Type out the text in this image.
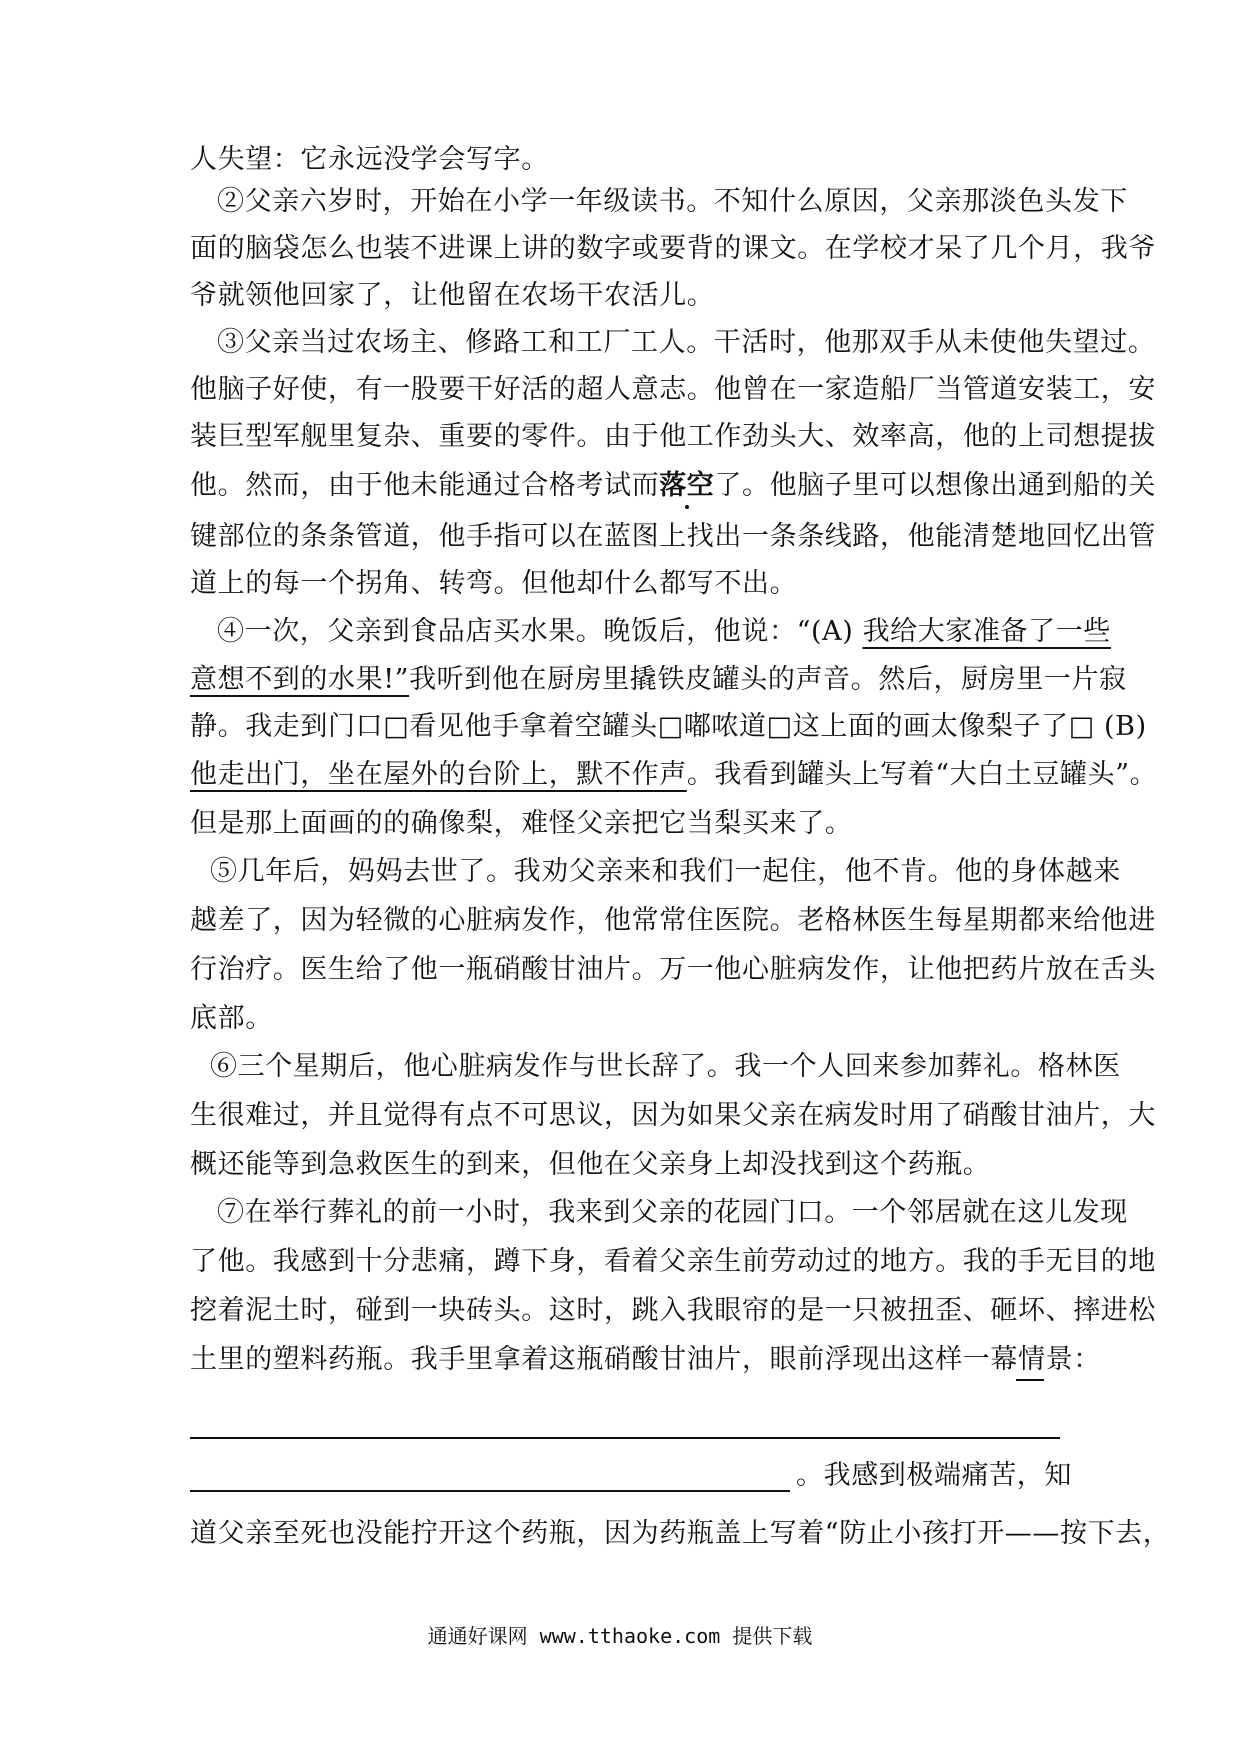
人失望：它永远没学会写字。
②父亲六岁时，开始在小学一年级读书。不知什么原因，父亲那淡色头发下
面的脑袋怎么也装不进课上讲的数字或要背的课文。在学校才呆了几个月，我爷
爷就领他回家了，让他留在农场干农活儿。
③父亲当过农场主、修路工和工厂工人。干活时，他那双手从未使他失望过。
他脑子好使，有一股要干好活的超人意志。他曾在一家造船厂当管道安装工，安
装巨型军舰里复杂、重要的零件。由于他工作劲头大、效率高，他的上司想提拔
他。然而，由于他未能通过合格考试而落空了。他脑子里可以想像出通到船的关
键部位的条条管道，他手指可以在蓝图上找出一条条线路，他能清楚地回忆出管
道上的每一个拐角、转弯。但他却什么都写不出。
④一次，父亲到食品店买水果。晚饭后，他说：“(A) 我给大家准备了一些
意想不到的水果!”我听到他在厨房里撬铁皮罐头的声音。然后，厨房里一片寂
静。我走到门口□看见他手拿着空罐头□嘟哝道□这上面的画太像梨子了□ (B)
他走出门，坐在屋外的台阶上，默不作声。我看到罐头上写着“大白土豆罐头”。
但是那上面画的的确像梨，难怪父亲把它当梨买来了。
⑤几年后，妈妈去世了。我劝父亲来和我们一起住，他不肯。他的身体越来
越差了，因为轻微的心脏病发作，他常常住医院。老格林医生每星期都来给他进
行治疗。医生给了他一瓶硝酸甘油片。万一他心脏病发作，让他把药片放在舌头
底部。
⑥三个星期后，他心脏病发作与世长辞了。我一个人回来参加葬礼。格林医
生很难过，并且觉得有点不可思议，因为如果父亲在病发时用了硝酸甘油片，大
概还能等到急救医生的到来，但他在父亲身上却没找到这个药瓶。
⑦在举行葬礼的前一小时，我来到父亲的花园门口。一个邻居就在这儿发现
了他。我感到十分悲痛，蹲下身，看着父亲生前劳动过的地方。我的手无目的地
挖着泥土时，碰到一块砖头。这时，跳入我眼帘的是一只被扭歪、砸坏、摔进松
土里的塑料药瓶。我手里拿着这瓶硝酸甘油片，眼前浮现出这样一幕情景：
。我感到极端痛苦，知
道父亲至死也没能拧开这个药瓶，因为药瓶盖上写着“防止小孩打开——按下去，
通通好课网 www.tthaoke.com 提供下载
